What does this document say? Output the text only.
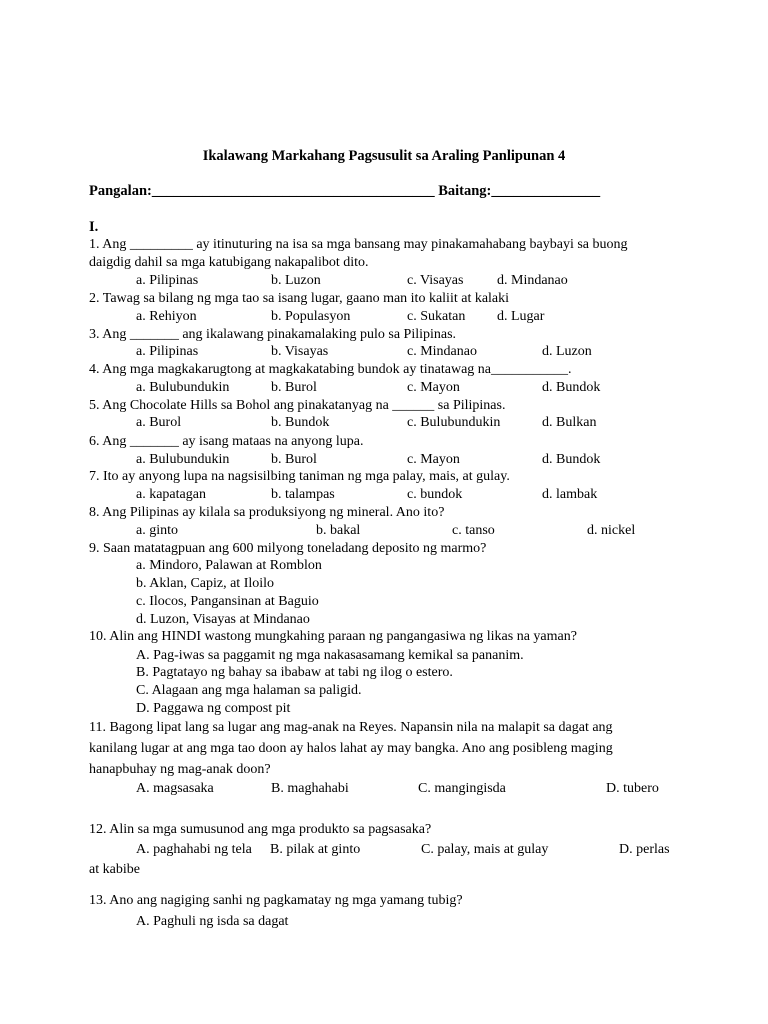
Ikalawang Markahang Pagsusulit sa Araling Panlipunan 4
Pangalan:_______________________________________ Baitang:_______________
I.
1. Ang _________ ay itinuturing na isa sa mga bansang may pinakamahabang baybayi sa buong
daigdig dahil sa mga katubigang nakapalibot dito.
a. Pilipinas	b. Luzon	c. Visayas d. Mindanao
2. Tawag sa bilang ng mga tao sa isang lugar, gaano man ito kaliit at kalaki
a. Rehiyon	b. Populasyon	c. Sukatan d. Lugar
3. Ang _______ ang ikalawang pinakamalaking pulo sa Pilipinas.
a. Pilipinas	b. Visayas	c. Mindanao	d. Luzon
4. Ang mga magkakarugtong at magkakatabing bundok ay tinatawag na___________.
a. Bulubundukin	b. Burol	c. Mayon	d. Bundok
5. Ang Chocolate Hills sa Bohol ang pinakatanyag na ______ sa Pilipinas.
a. Burol	b. Bundok	c. Bulubundukin	d. Bulkan
6. Ang _______ ay isang mataas na anyong lupa.
a. Bulubundukin	b. Burol	c. Mayon	d. Bundok
7. Ito ay anyong lupa na nagsisilbing taniman ng mga palay, mais, at gulay.
a. kapatagan	b. talampas	c. bundok	d. lambak
8. Ang Pilipinas ay kilala sa produksiyong ng mineral. Ano ito?
a. ginto	b. bakal	c. tanso	d. nickel
9. Saan matatagpuan ang 600 milyong toneladang deposito ng marmo?
a. Mindoro, Palawan at Romblon
b. Aklan, Capiz, at Iloilo
c. Ilocos, Pangansinan at Baguio
d. Luzon, Visayas at Mindanao
10. Alin ang HINDI wastong mungkahing paraan ng pangangasiwa ng likas na yaman?
A. Pag-iwas sa paggamit ng mga nakasasamang kemikal sa pananim.
B. Pagtatayo ng bahay sa ibabaw at tabi ng ilog o estero.
C. Alagaan ang mga halaman sa paligid.
D. Paggawa ng compost pit
11. Bagong lipat lang sa lugar ang mag-anak na Reyes. Napansin nila na malapit sa dagat ang
kanilang lugar at ang mga tao doon ay halos lahat ay may bangka. Ano ang posibleng maging
hanapbuhay ng mag-anak doon?
A. magsasaka	B. maghahabi	C. mangingisda	D. tubero
12. Alin sa mga sumusunod ang mga produkto sa pagsasaka?
A. paghahabi ng tela B. pilak at ginto	C. palay, mais at gulay	D. perlas
at kabibe
13. Ano ang nagiging sanhi ng pagkamatay ng mga yamang tubig?
A. Paghuli ng isda sa dagat
